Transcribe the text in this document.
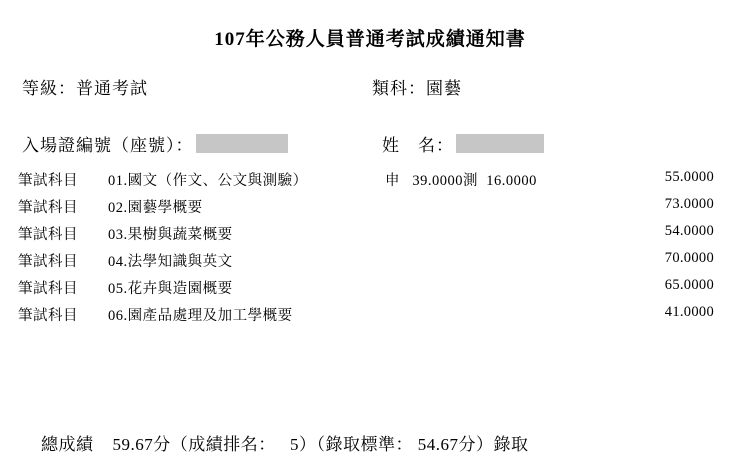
107年公務人員普通考試成績通知書
等級：普通考試	類科：園藝
入場證編號（座號）：	姓　名：
筆試科目 01.國文（作文、公文與測驗）	申   39.0000測  16.0000	55.0000
筆試科目 02.園藝學概要	73.0000
筆試科目 03.果樹與蔬菜概要	54.0000
筆試科目 04.法學知識與英文	70.0000
筆試科目 05.花卉與造園概要	65.0000
筆試科目 06.園產品處理及加工學概要	41.0000

總成績 59.67分（成績排名： 5）（錄取標準： 54.67分）錄取
